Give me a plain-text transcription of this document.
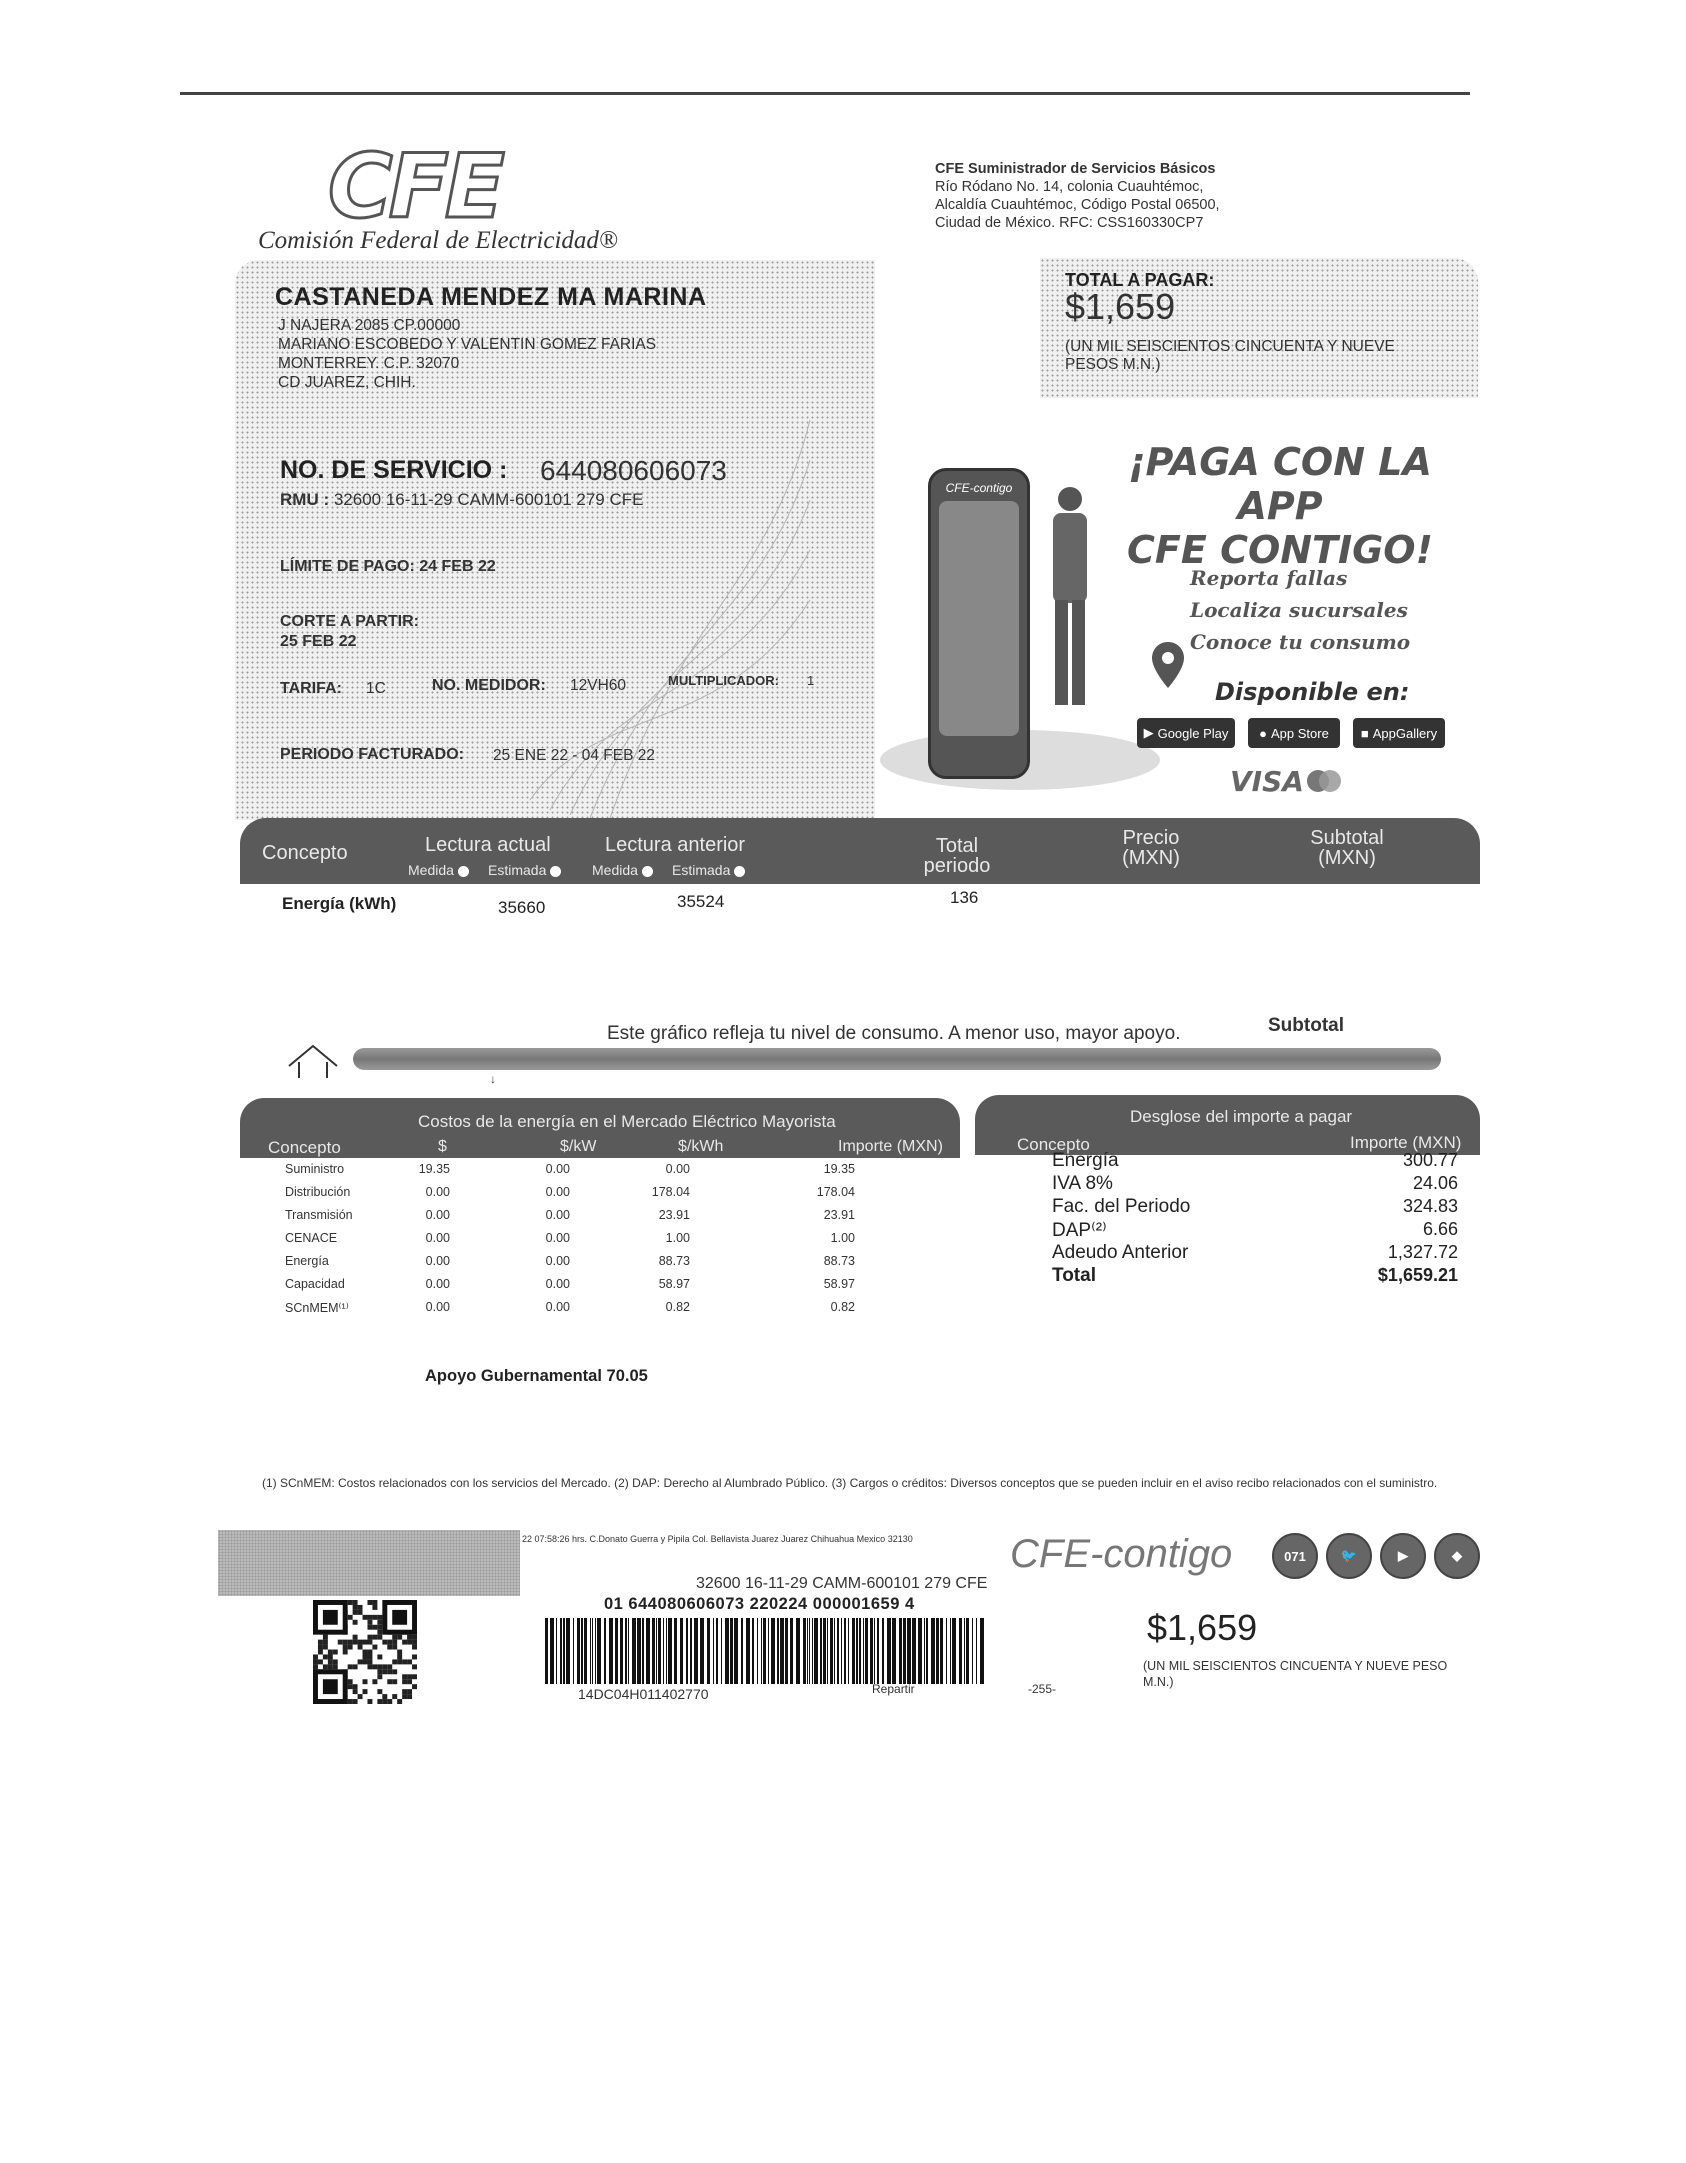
CFE
Comisión Federal de Electricidad®
CFE Suministrador de Servicios Básicos
Río Ródano No. 14, colonia Cuauhtémoc,
Alcaldía Cuauhtémoc, Código Postal 06500,
Ciudad de México. RFC: CSS160330CP7
CASTANEDA MENDEZ MA MARINA
J NAJERA 2085 CP.00000
MARIANO ESCOBEDO Y VALENTIN GOMEZ FARIAS
MONTERREY. C.P. 32070
CD JUAREZ, CHIH.
NO. DE SERVICIO : 644080606073
RMU : 32600 16-11-29 CAMM-600101 279 CFE
LÍMITE DE PAGO: 24 FEB 22
CORTE A PARTIR:
25 FEB 22
TARIFA: 1C	NO. MEDIDOR: 12VH60	MULTIPLICADOR: 1
PERIODO FACTURADO: 25 ENE 22 - 04 FEB 22
TOTAL A PAGAR:
$1,659
(UN MIL SEISCIENTOS CINCUENTA Y NUEVE PESOS M.N.)
CFE-contigo
¡PAGA CON LA APP
CFE CONTIGO!
Reporta fallas
Localiza sucursales
Conoce tu consumo
Disponible en:
▶ Google Play ● App Store ■ AppGallery
VISA
Concepto	Lectura actual
Medida	Estimada
Lectura anterior
Medida	Estimada
Total periodo
Precio (MXN)
Subtotal (MXN)
Energía (kWh)	35660	35524	136
Este gráfico refleja tu nivel de consumo. A menor uso, mayor apoyo.	Subtotal
↓
Costos de la energía en el Mercado Eléctrico Mayorista
Concepto	$	$/kW	$/kWh	Importe (MXN)
Suministro	19.35	0.00	0.00	19.35
Distribución	0.00	0.00	178.04	178.04
Transmisión	0.00	0.00	23.91	23.91
CENACE	0.00	0.00	1.00	1.00
Energía	0.00	0.00	88.73	88.73
Capacidad	0.00	0.00	58.97	58.97
SCnMEM⁽¹⁾	0.00	0.00	0.82	0.82
Desglose del importe a pagar
Concepto	Importe (MXN)
Energía	300.77
IVA 8%	24.06
Fac. del Periodo	324.83
DAP⁽²⁾	6.66
Adeudo Anterior	1,327.72
Total	$1,659.21
Apoyo Gubernamental 70.05
(1) SCnMEM: Costos relacionados con los servicios del Mercado. (2) DAP: Derecho al Alumbrado Público. (3) Cargos o créditos: Diversos conceptos que se pueden incluir en el aviso recibo relacionados con el suministro.
22 07:58:26 hrs. C.Donato Guerra y Pipila Col. Bellavista Juarez Juarez Chihuahua Mexico 32130
32600 16-11-29 CAMM-600101 279 CFE
01 644080606073 220224 000001659 4
14DC04H011402770	Repartir	-255-
CFE-contigo	071	🐦	▶	◆
$1,659
(UN MIL SEISCIENTOS CINCUENTA Y NUEVE PESO M.N.)
